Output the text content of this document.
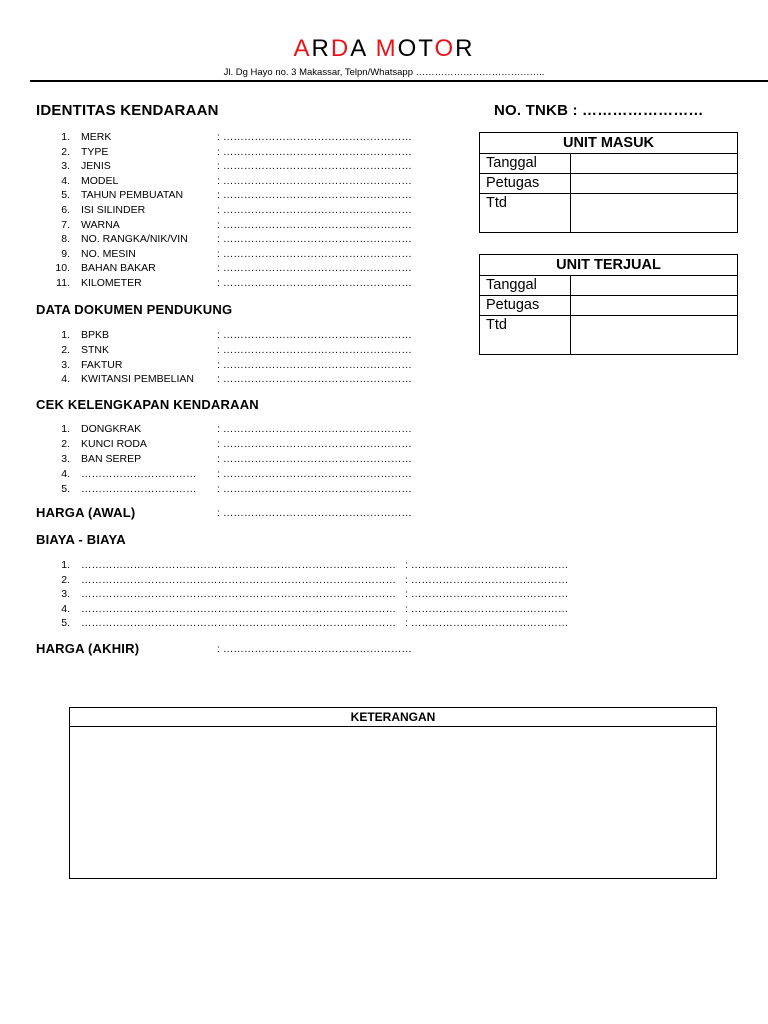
ARDA MOTOR
Jl. Dg Hayo no. 3 Makassar, Telpn/Whatsapp …………………………………..
IDENTITAS KENDARAAN
1. MERK	: ………………………………………………
2. TYPE	: ………………………………………………
3. JENIS	: ………………………………………………
4. MODEL	: ………………………………………………
5. TAHUN PEMBUATAN	: ………………………………………………
6. ISI SILINDER	: ………………………………………………
7. WARNA	: ………………………………………………
8. NO. RANGKA/NIK/VIN	: ………………………………………………
9. NO. MESIN	: ………………………………………………
10. BAHAN BAKAR	: ………………………………………………
11. KILOMETER	: ………………………………………………
DATA DOKUMEN PENDUKUNG
1. BPKB	: ………………………………………………
2. STNK	: ………………………………………………
3. FAKTUR	: ………………………………………………
4. KWITANSI PEMBELIAN : ………………………………………………
CEK KELENGKAPAN KENDARAAN
1. DONGKRAK	: ………………………………………………
2. KUNCI RODA	: ………………………………………………
3. BAN SEREP	: ………………………………………………
4. …………………………… : ………………………………………………
5. …………………………… : ………………………………………………
HARGA (AWAL)	: ………………………………………………
BIAYA - BIAYA
1. ……………………………………………………………………………… : ………………………………………
2. ……………………………………………………………………………… : ………………………………………
3. ……………………………………………………………………………… : ………………………………………
4. ……………………………………………………………………………… : ………………………………………
5. ……………………………………………………………………………… : ………………………………………
HARGA (AKHIR)	: ………………………………………………
NO. TNKB : ……………………
UNIT MASUK	
Tanggal	
Petugas	
Ttd	
UNIT TERJUAL	
Tanggal	
Petugas	
Ttd	
KETERANGAN
